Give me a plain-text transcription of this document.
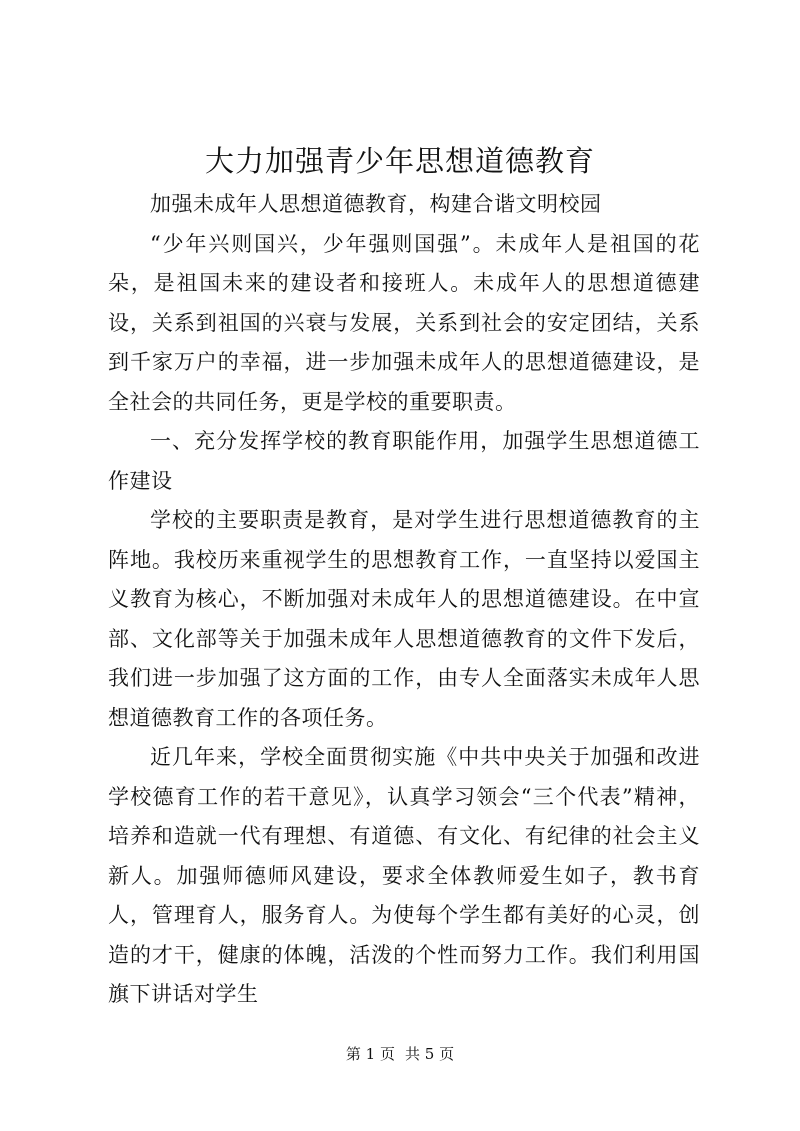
大力加强青少年思想道德教育

加强未成年人思想道德教育，构建合谐文明校园

“少年兴则国兴，少年强则国强”。未成年人是祖国的花朵，是祖国未来的建设者和接班人。未成年人的思想道德建设，关系到祖国的兴衰与发展，关系到社会的安定团结，关系到千家万户的幸福，进一步加强未成年人的思想道德建设，是全社会的共同任务，更是学校的重要职责。

一、充分发挥学校的教育职能作用，加强学生思想道德工作建设

学校的主要职责是教育，是对学生进行思想道德教育的主阵地。我校历来重视学生的思想教育工作，一直坚持以爱国主义教育为核心，不断加强对未成年人的思想道德建设。在中宣部、文化部等关于加强未成年人思想道德教育的文件下发后，我们进一步加强了这方面的工作，由专人全面落实未成年人思想道德教育工作的各项任务。

近几年来，学校全面贯彻实施《中共中央关于加强和改进学校德育工作的若干意见》，认真学习领会“三个代表”精神，培养和造就一代有理想、有道德、有文化、有纪律的社会主义新人。加强师德师风建设，要求全体教师爱生如子，教书育人，管理育人，服务育人。为使每个学生都有美好的心灵，创造的才干，健康的体魄，活泼的个性而努力工作。我们利用国旗下讲话对学生

第 1 页 共 5 页
